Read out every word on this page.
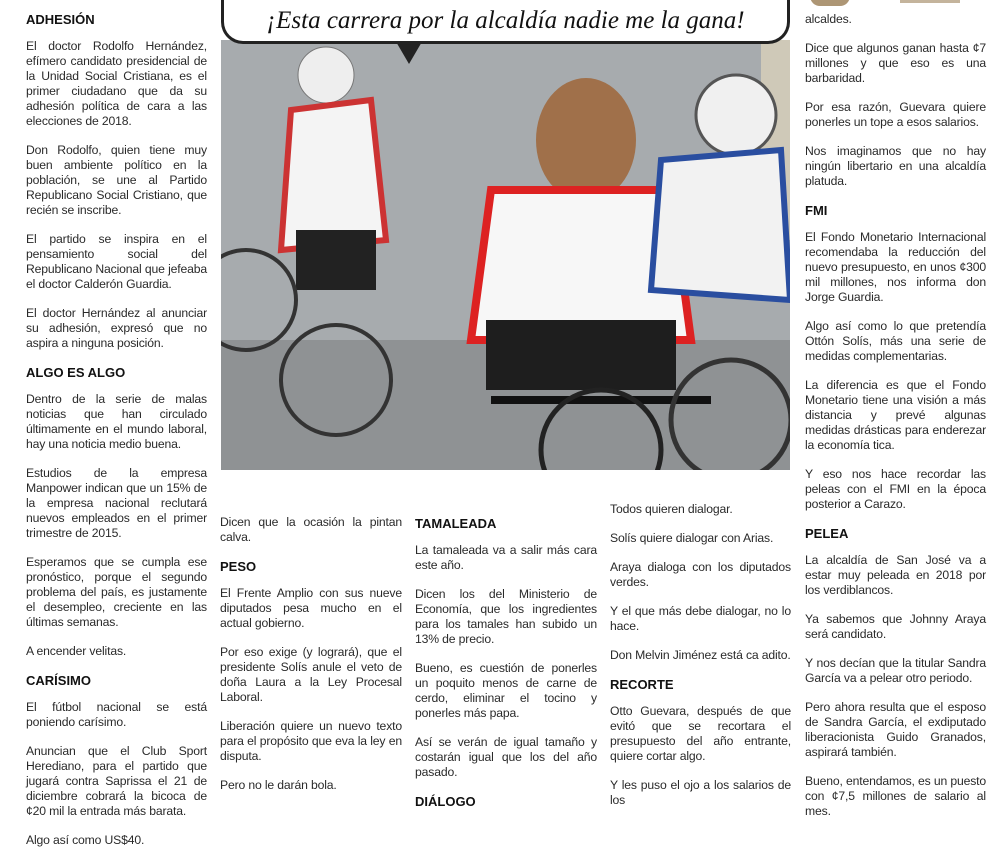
ADHESIÓN

El doctor Rodolfo Hernández, efímero candidato presidencial de la Unidad Social Cristiana, es el primer ciudadano que da su adhesión política de cara a las elecciones de 2018.

Don Rodolfo, quien tiene muy buen ambiente político en la población, se une al Partido Republicano Social Cristiano, que recién se inscribe.

El partido se inspira en el pensamiento social del Republicano Nacional que jefeaba el doctor Calderón Guardia.

El doctor Hernández al anunciar su adhesión, expresó que no aspira a ninguna posición.

ALGO ES ALGO

Dentro de la serie de malas noticias que han circulado últimamente en el mundo laboral, hay una noticia medio buena.

Estudios de la empresa Manpower indican que un 15% de la empresa nacional reclutará nuevos empleados en el primer trimestre de 2015.

Esperamos que se cumpla ese pronóstico, porque el segundo problema del país, es justamente el desempleo, creciente en las últimas semanas.

A encender velitas.

CARÍSIMO

El fútbol nacional se está poniendo carísimo.

Anuncian que el Club Sport Herediano, para el partido que jugará contra Saprissa el 21 de diciembre cobrará la bicoca de ¢20 mil la entrada más barata.

Algo así como US$40.

¡Esta carrera por la alcaldía nadie me la gana!

Dicen que la ocasión la pintan calva.

PESO

El Frente Amplio con sus nueve diputados pesa mucho en el actual gobierno.

Por eso exige (y logrará), que el presidente Solís anule el veto de doña Laura a la Ley Procesal Laboral.

Liberación quiere un nuevo texto para el propósito que eva la ley en disputa.

Pero no le darán bola.

TAMALEADA

La tamaleada va a salir más cara este año.

Dicen los del Ministerio de Economía, que los ingredientes para los tamales han subido un 13% de precio.

Bueno, es cuestión de ponerles un poquito menos de carne de cerdo, eliminar el tocino y ponerles más papa.

Así se verán de igual tamaño y costarán igual que los del año pasado.

DIÁLOGO

Todos quieren dialogar.

Solís quiere dialogar con Arias.

Araya dialoga con los diputados verdes.

Y el que más debe dialogar, no lo hace.

Don Melvin Jiménez está ca adito.

RECORTE

Otto Guevara, después de que evitó que se recortara el presupuesto del año entrante, quiere cortar algo.

Y les puso el ojo a los salarios de los

alcaldes.

Dice que algunos ganan hasta ¢7 millones y que eso es una barbaridad.

Por esa razón, Guevara quiere ponerles un tope a esos salarios.

Nos imaginamos que no hay ningún libertario en una alcaldía platuda.

FMI

El Fondo Monetario Internacional recomendaba la reducción del nuevo presupuesto, en unos ¢300 mil millones, nos informa don Jorge Guardia.

Algo así como lo que pretendía Ottón Solís, más una serie de medidas complementarias.

La diferencia es que el Fondo Monetario tiene una visión a más distancia y prevé algunas medidas drásticas para enderezar la economía tica.

Y eso nos hace recordar las peleas con el FMI en la época posterior a Carazo.

PELEA

La alcaldía de San José va a estar muy peleada en 2018 por los verdiblancos.

Ya sabemos que Johnny Araya será candidato.

Y nos decían que la titular Sandra García va a pelear otro periodo.

Pero ahora resulta que el esposo de Sandra García, el exdiputado liberacionista Guido Granados, aspirará también.

Bueno, entendamos, es un puesto con ¢7,5 millones de salario al mes.
